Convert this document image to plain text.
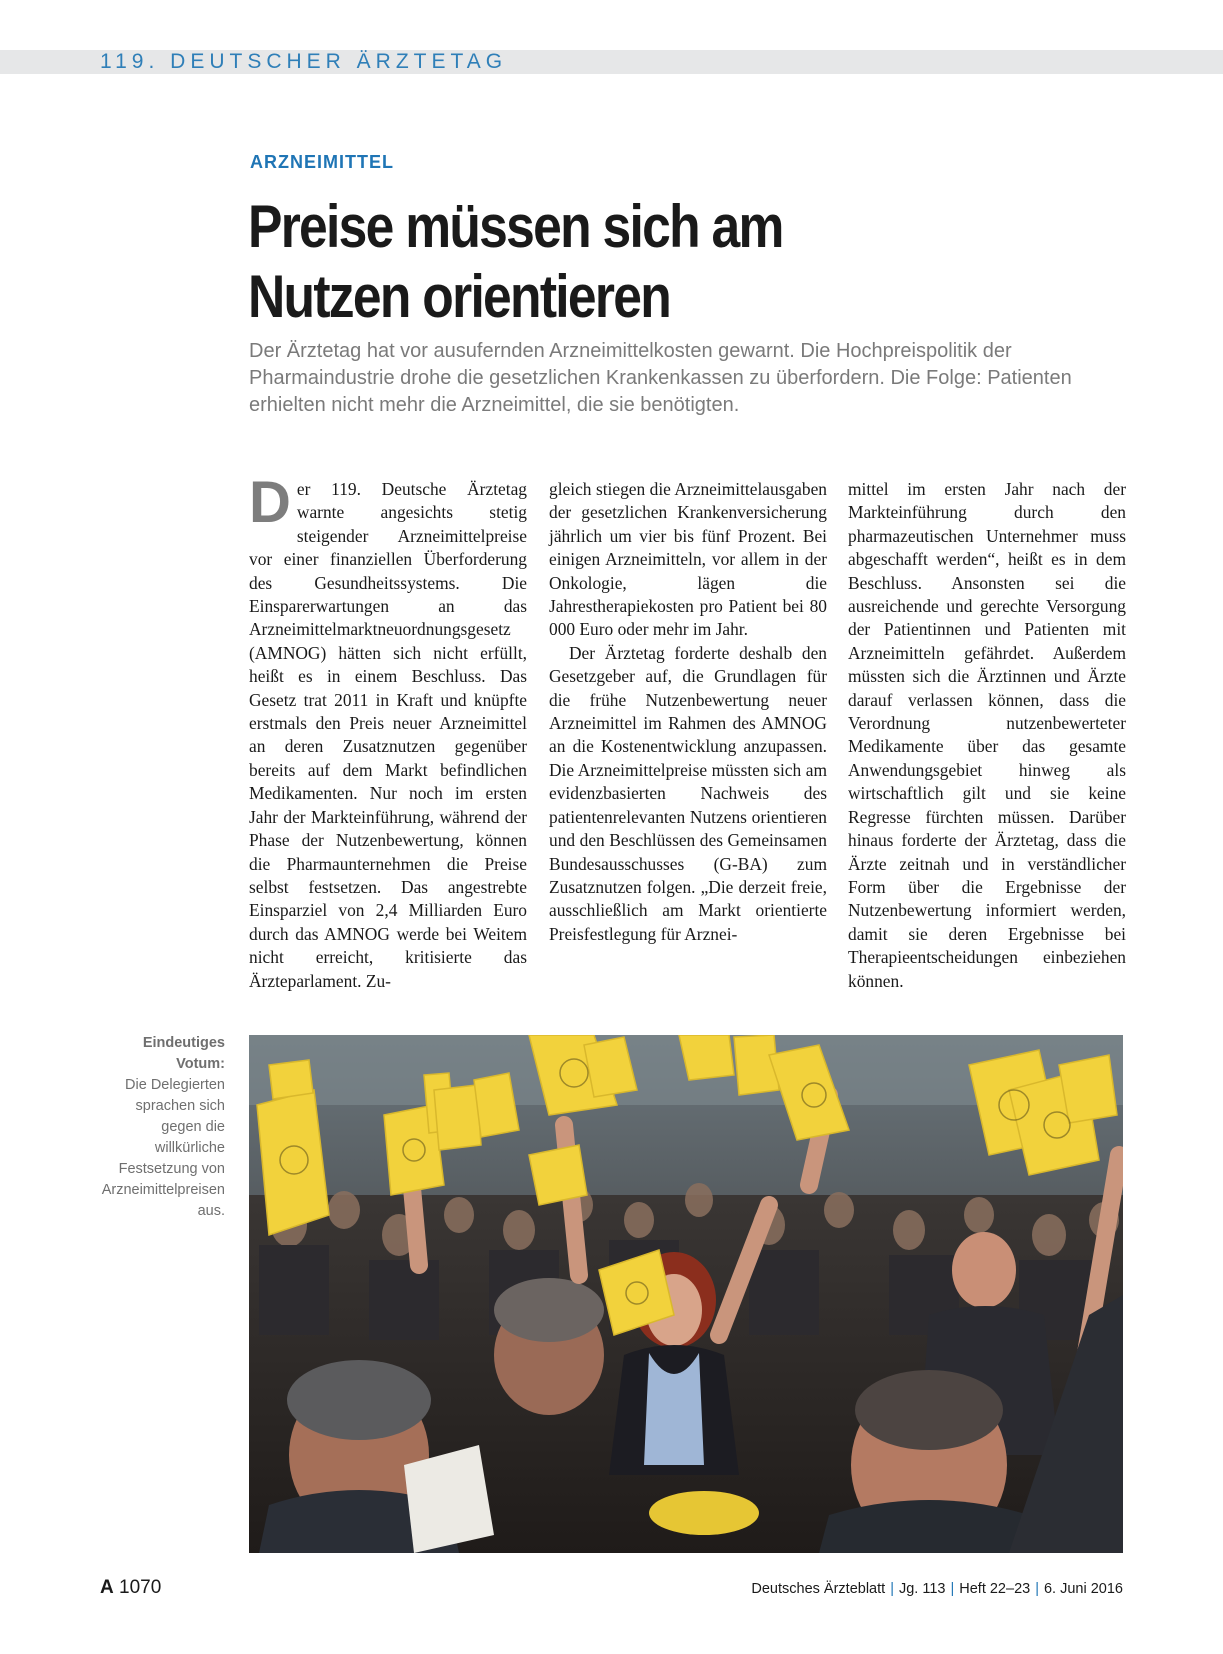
119. DEUTSCHER ÄRZTETAG
ARZNEIMITTEL
Preise müssen sich am
Nutzen orientieren

Der Ärztetag hat vor ausufernden Arzneimittelkosten gewarnt. Die Hochpreispolitik der Pharmaindustrie drohe die gesetzlichen Krankenkassen zu überfordern. Die Folge: Patienten erhielten nicht mehr die Arzneimittel, die sie benötigten.

Der 119. Deutsche Ärztetag warnte angesichts stetig steigender Arzneimittelpreise vor einer finanziellen Überforderung des Gesundheitssystems. Die Einsparerwartungen an das Arzneimittelmarktneuordnungsgesetz (AMNOG) hätten sich nicht erfüllt, heißt es in einem Beschluss. Das Gesetz trat 2011 in Kraft und knüpfte erstmals den Preis neuer Arzneimittel an deren Zusatznutzen gegenüber bereits auf dem Markt befindlichen Medikamenten. Nur noch im ersten Jahr der Markteinführung, während der Phase der Nutzenbewertung, können die Pharmaunternehmen die Preise selbst festsetzen. Das angestrebte Einsparziel von 2,4 Milliarden Euro durch das AMNOG werde bei Weitem nicht erreicht, kritisierte das Ärzteparlament. Zu-

gleich stiegen die Arzneimittelausgaben der gesetzlichen Krankenversicherung jährlich um vier bis fünf Prozent. Bei einigen Arzneimitteln, vor allem in der Onkologie, lägen die Jahrestherapiekosten pro Patient bei 80 000 Euro oder mehr im Jahr.

Der Ärztetag forderte deshalb den Gesetzgeber auf, die Grundlagen für die frühe Nutzenbewertung neuer Arzneimittel im Rahmen des AMNOG an die Kostenentwicklung anzupassen. Die Arzneimittelpreise müssten sich am evidenzbasierten Nachweis des patientenrelevanten Nutzens orientieren und den Beschlüssen des Gemeinsamen Bundesausschusses (G-BA) zum Zusatznutzen folgen. „Die derzeit freie, ausschließlich am Markt orientierte Preisfestlegung für Arznei-

mittel im ersten Jahr nach der Markteinführung durch den pharmazeutischen Unternehmer muss abgeschafft werden“, heißt es in dem Beschluss. Ansonsten sei die ausreichende und gerechte Versorgung der Patientinnen und Patienten mit Arzneimitteln gefährdet. Außerdem müssten sich die Ärztinnen und Ärzte darauf verlassen können, dass die Verordnung nutzenbewerteter Medikamente über das gesamte Anwendungsgebiet hinweg als wirtschaftlich gilt und sie keine Regresse fürchten müssen. Darüber hinaus forderte der Ärztetag, dass die Ärzte zeitnah und in verständlicher Form über die Ergebnisse der Nutzenbewertung informiert werden, damit sie deren Ergebnisse bei Therapieentscheidungen einbeziehen können.

Eindeutiges Votum:
Die Delegierten sprachen sich gegen die willkürliche Festsetzung von Arzneimittelpreisen aus.
A 1070	Deutsches Ärzteblatt | Jg. 113 | Heft 22–23 | 6. Juni 2016
